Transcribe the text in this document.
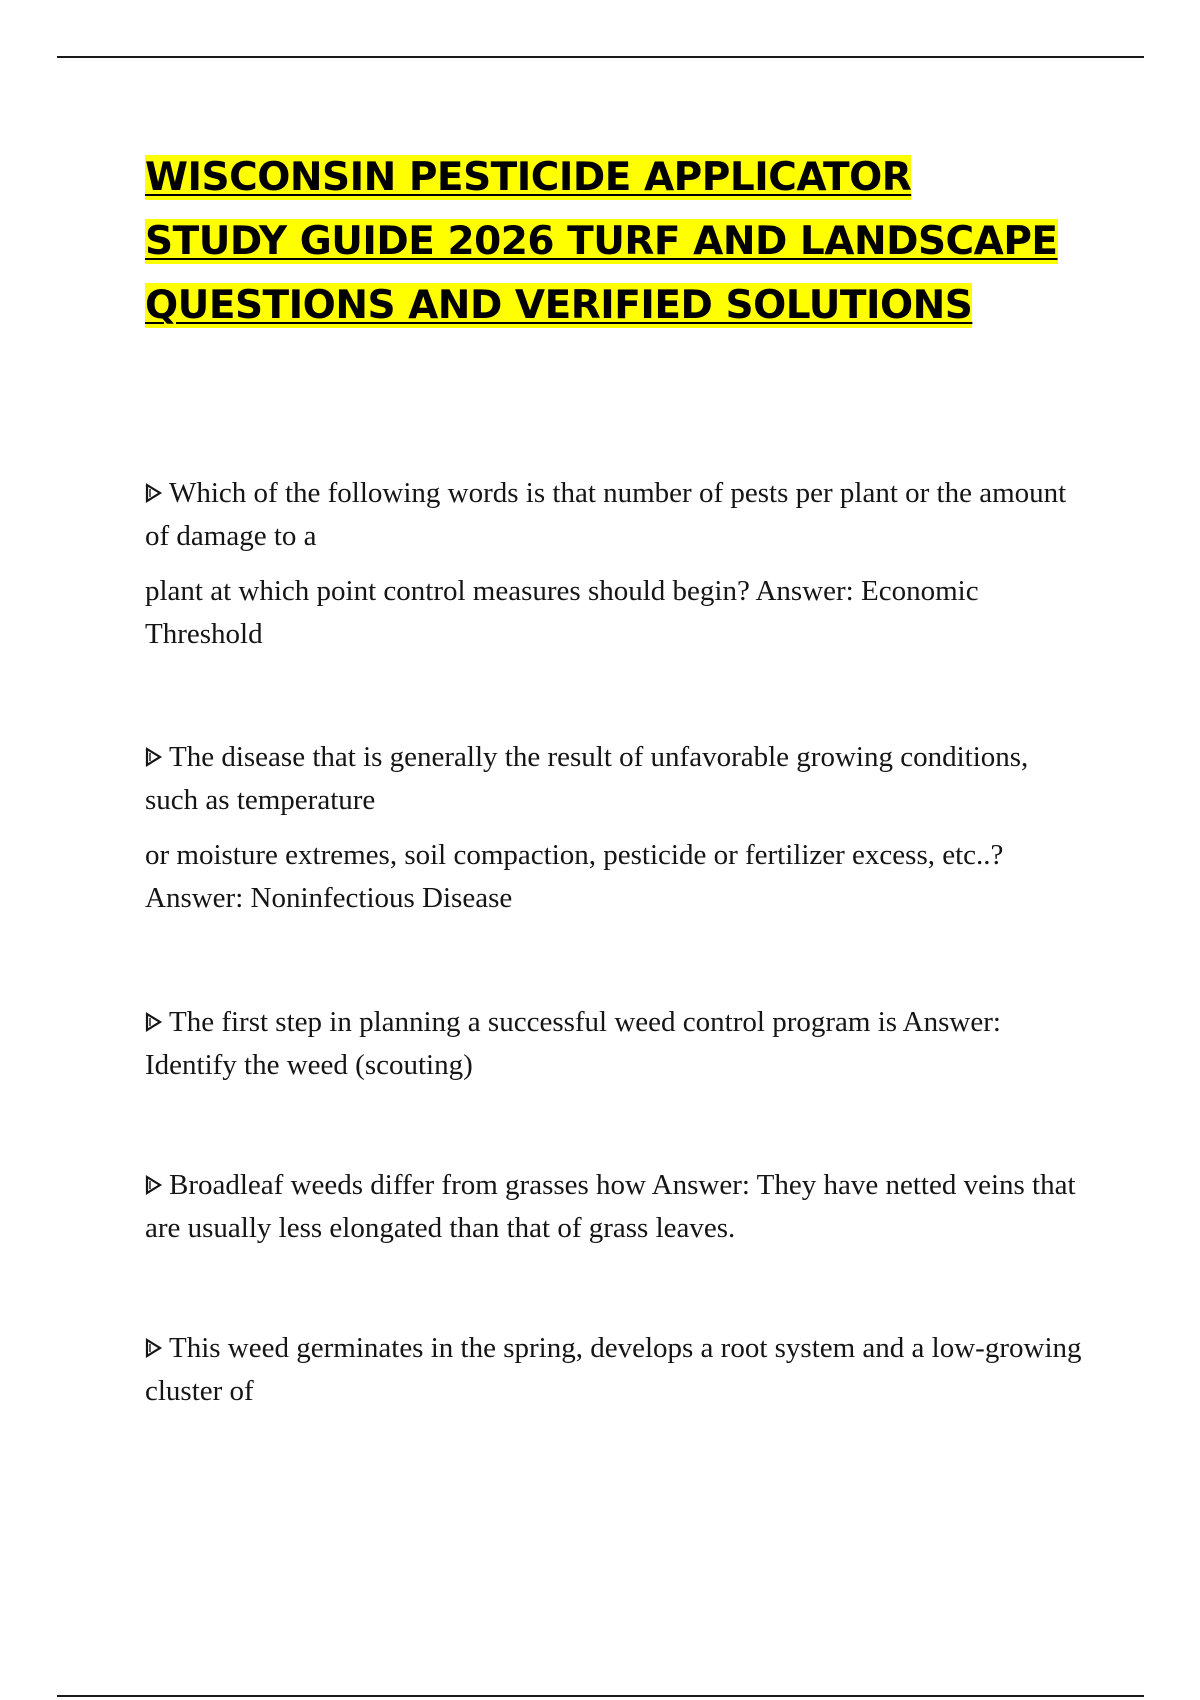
WISCONSIN PESTICIDE APPLICATOR STUDY GUIDE 2026 TURF AND LANDSCAPE QUESTIONS AND VERIFIED SOLUTIONS

Which of the following words is that number of pests per plant or the amount of damage to a

plant at which point control measures should begin? Answer: Economic Threshold

The disease that is generally the result of unfavorable growing conditions, such as temperature

or moisture extremes, soil compaction, pesticide or fertilizer excess, etc..? Answer: Noninfectious Disease

The first step in planning a successful weed control program is Answer: Identify the weed (scouting)

Broadleaf weeds differ from grasses how Answer: They have netted veins that are usually less elongated than that of grass leaves.

This weed germinates in the spring, develops a root system and a low-growing cluster of
